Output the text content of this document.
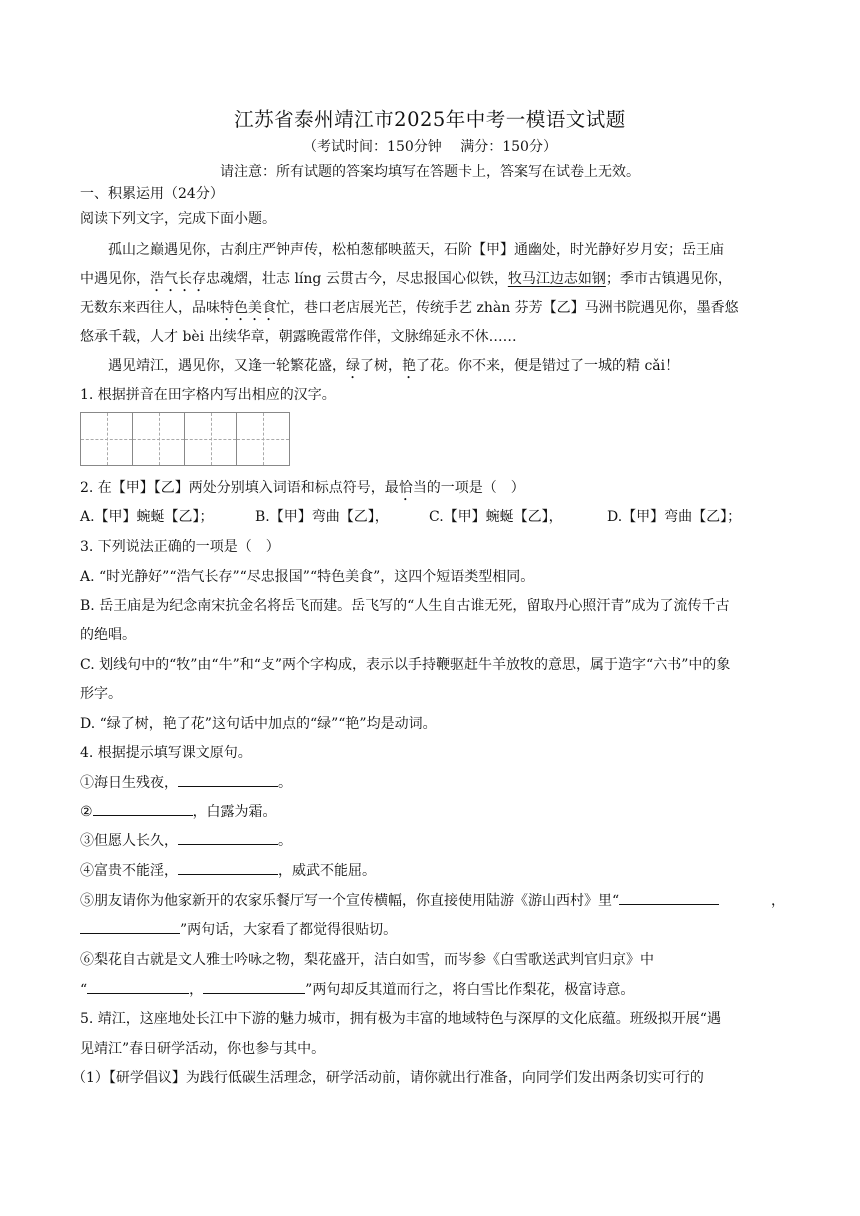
江苏省泰州靖江市2025年中考一模语文试题
（考试时间：150分钟　 满分：150分）
请注意：所有试题的答案均填写在答题卡上，答案写在试卷上无效。
一、积累运用（24分）
阅读下列文字，完成下面小题。
孤山之巅遇见你，古刹庄严钟声传，松柏葱郁映蓝天，石阶【甲】通幽处，时光静好岁月安；岳王庙
中遇见你，浩气长存忠魂熠，壮志 líng 云贯古今，尽忠报国心似铁，牧马江边志如钢；季市古镇遇见你，
无数东来西往人，品味特色美食忙，巷口老店展光芒，传统手艺 zhàn 芬芳【乙】马洲书院遇见你，墨香悠
悠承千载，人才 bèi 出续华章，朝露晚霞常作伴，文脉绵延永不休……
遇见靖江，遇见你，又逢一轮繁花盛，绿了树，艳了花。你不来，便是错过了一城的精 cǎi！
1. 根据拼音在田字格内写出相应的汉字。
2. 在【甲】【乙】两处分别填入词语和标点符号，最恰当的一项是（　）
A.【甲】蜿蜒【乙】；	B.【甲】弯曲【乙】，	C.【甲】蜿蜒【乙】，	D.【甲】弯曲【乙】；
3. 下列说法正确的一项是（　）
A. “时光静好”“浩气长存”“尽忠报国”“特色美食”，这四个短语类型相同。
B. 岳王庙是为纪念南宋抗金名将岳飞而建。岳飞写的“人生自古谁无死，留取丹心照汗青”成为了流传千古
的绝唱。
C. 划线句中的“牧”由“牛”和“攴”两个字构成，表示以手持鞭驱赶牛羊放牧的意思，属于造字“六书”中的象
形字。
D. “绿了树，艳了花”这句话中加点的“绿”“艳”均是动词。
4. 根据提示填写课文原句。
①海日生残夜，	。
②	，白露为霜。
③但愿人长久，	。
④富贵不能淫，	，威武不能屈。
⑤朋友请你为他家新开的农家乐餐厅写一个宣传横幅，你直接使用陆游《游山西村》里“	，
”两句话，大家看了都觉得很贴切。
⑥梨花自古就是文人雅士吟咏之物，梨花盛开，洁白如雪，而岑参《白雪歌送武判官归京》中
“	，	”两句却反其道而行之，将白雪比作梨花，极富诗意。
5. 靖江，这座地处长江中下游的魅力城市，拥有极为丰富的地域特色与深厚的文化底蕴。班级拟开展“遇
见靖江”春日研学活动，你也参与其中。
（1）【研学倡议】为践行低碳生活理念，研学活动前，请你就出行准备，向同学们发出两条切实可行的
